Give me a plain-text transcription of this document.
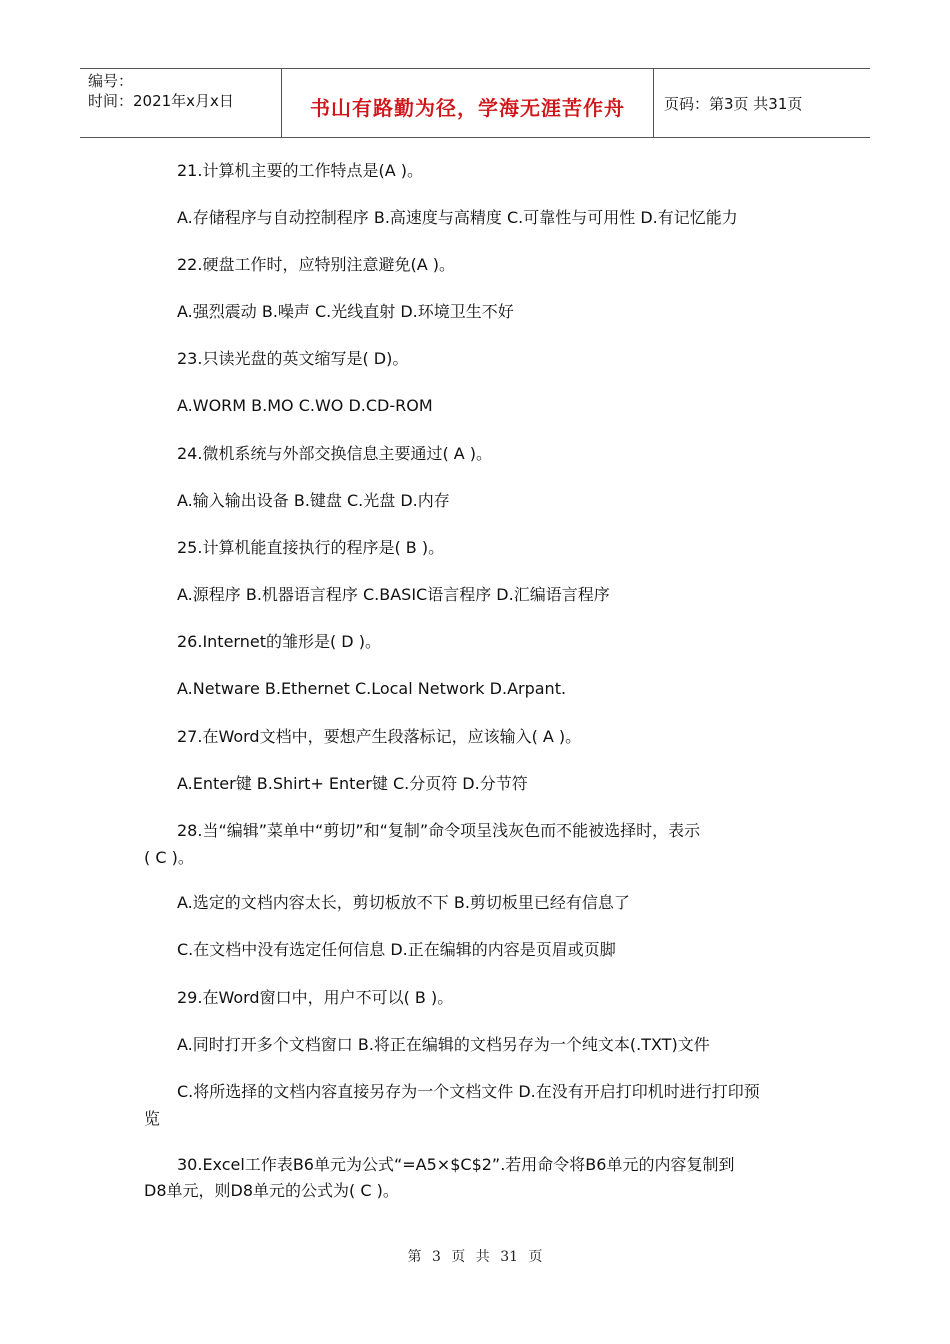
编号：
时间：2021年x月x日	书山有路勤为径，学海无涯苦作舟	页码：第3页 共31页
21.计算机主要的工作特点是(A )。
A.存储程序与自动控制程序 B.高速度与高精度 C.可靠性与可用性 D.有记忆能力
22.硬盘工作时，应特别注意避免(A )。
A.强烈震动 B.噪声 C.光线直射 D.环境卫生不好
23.只读光盘的英文缩写是( D)。
A.WORM B.MO C.WO D.CD-ROM
24.微机系统与外部交换信息主要通过( A )。
A.输入输出设备 B.键盘 C.光盘 D.内存
25.计算机能直接执行的程序是( B )。
A.源程序 B.机器语言程序 C.BASIC语言程序 D.汇编语言程序
26.Internet的雏形是( D )。
A.Netware B.Ethernet C.Local Network D.Arpant.
27.在Word文档中，要想产生段落标记，应该输入( A )。
A.Enter键 B.Shirt+ Enter键 C.分页符 D.分节符
28.当“编辑”菜单中“剪切”和“复制”命令项呈浅灰色而不能被选择时，表示
( C )。
A.选定的文档内容太长，剪切板放不下 B.剪切板里已经有信息了
C.在文档中没有选定任何信息 D.正在编辑的内容是页眉或页脚
29.在Word窗口中，用户不可以( B )。
A.同时打开多个文档窗口 B.将正在编辑的文档另存为一个纯文本(.TXT)文件
C.将所选择的文档内容直接另存为一个文档文件 D.在没有开启打印机时进行打印预
览
30.Excel工作表B6单元为公式“=A5×$C$2”.若用命令将B6单元的内容复制到
D8单元，则D8单元的公式为( C )。
第 3 页 共 31 页
